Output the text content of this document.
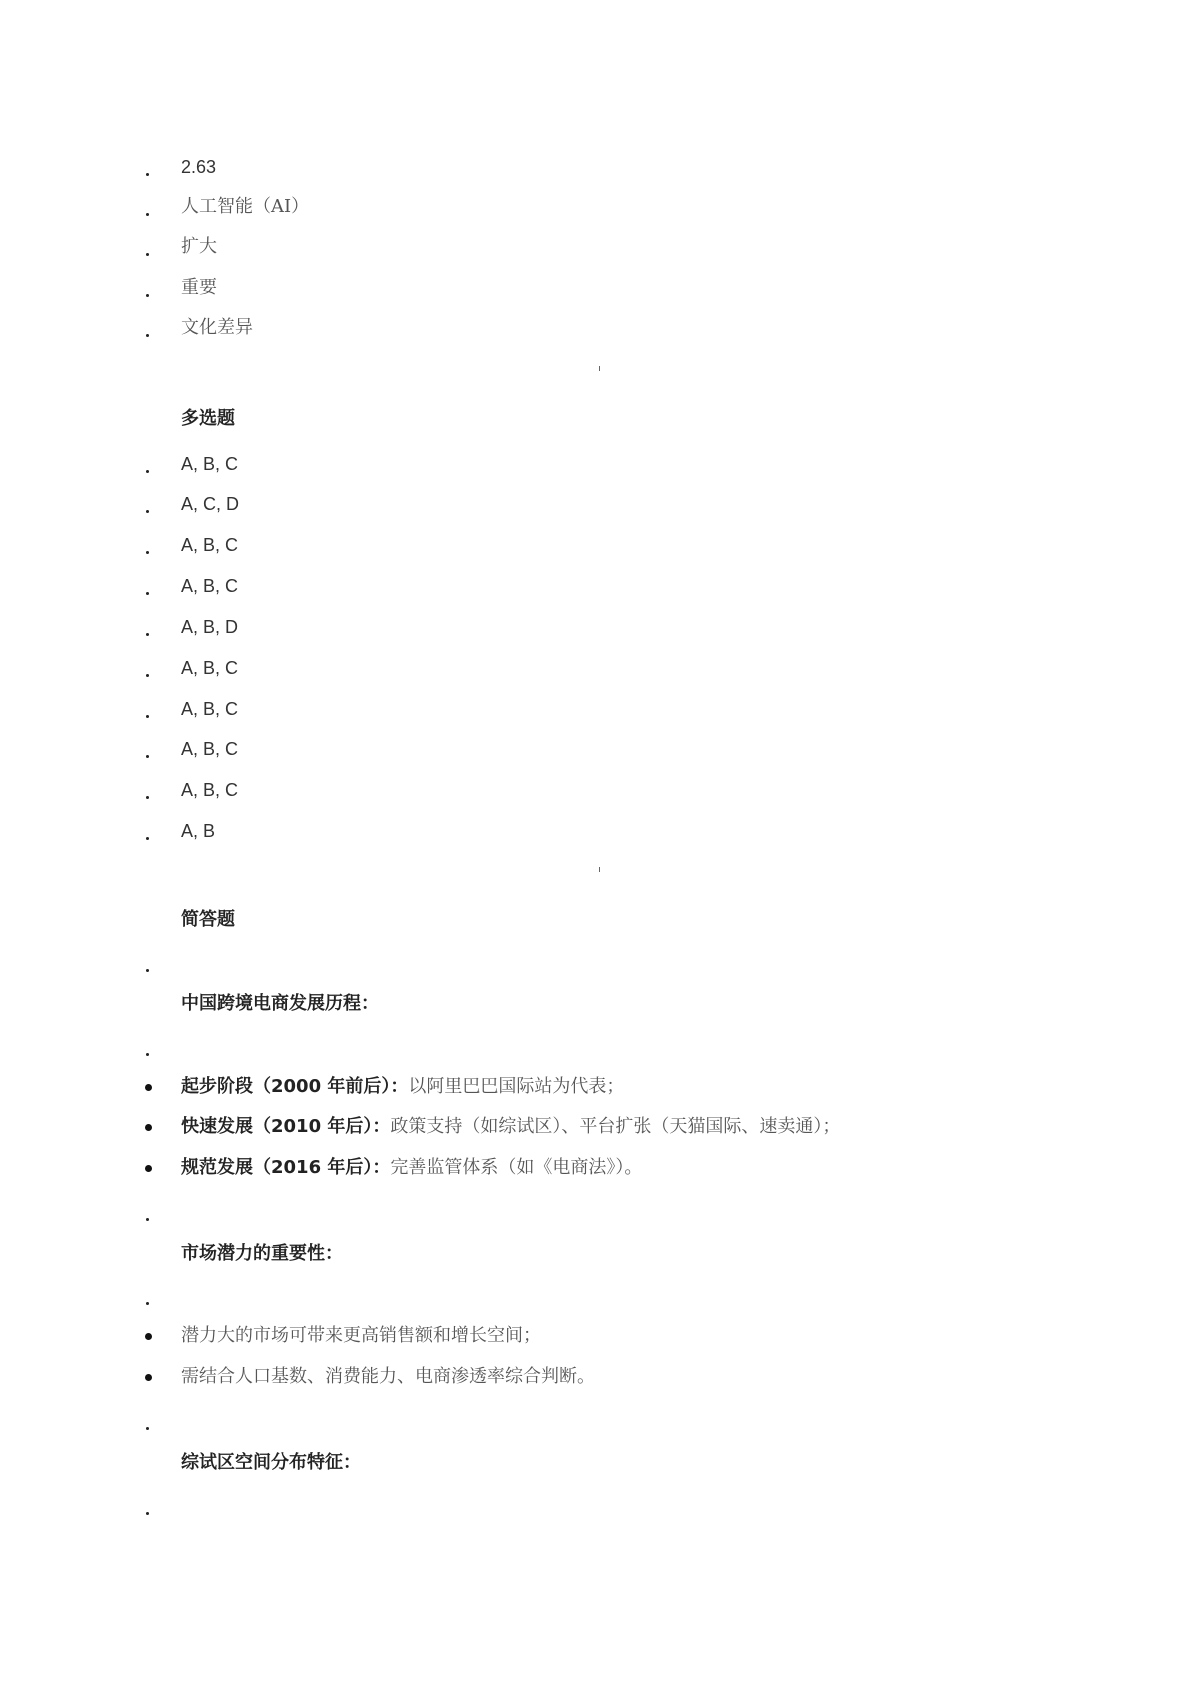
2.63
人工智能（AI）
扩大
重要
文化差异
多选题
A, B, C
A, C, D
A, B, C
A, B, C
A, B, D
A, B, C
A, B, C
A, B, C
A, B, C
A, B
简答题
中国跨境电商发展历程：
起步阶段（2000 年前后）：以阿里巴巴国际站为代表；
快速发展（2010 年后）：政策支持（如综试区）、平台扩张（天猫国际、速卖通）；
规范发展（2016 年后）：完善监管体系（如《电商法》）。
市场潜力的重要性：
潜力大的市场可带来更高销售额和增长空间；
需结合人口基数、消费能力、电商渗透率综合判断。
综试区空间分布特征：
